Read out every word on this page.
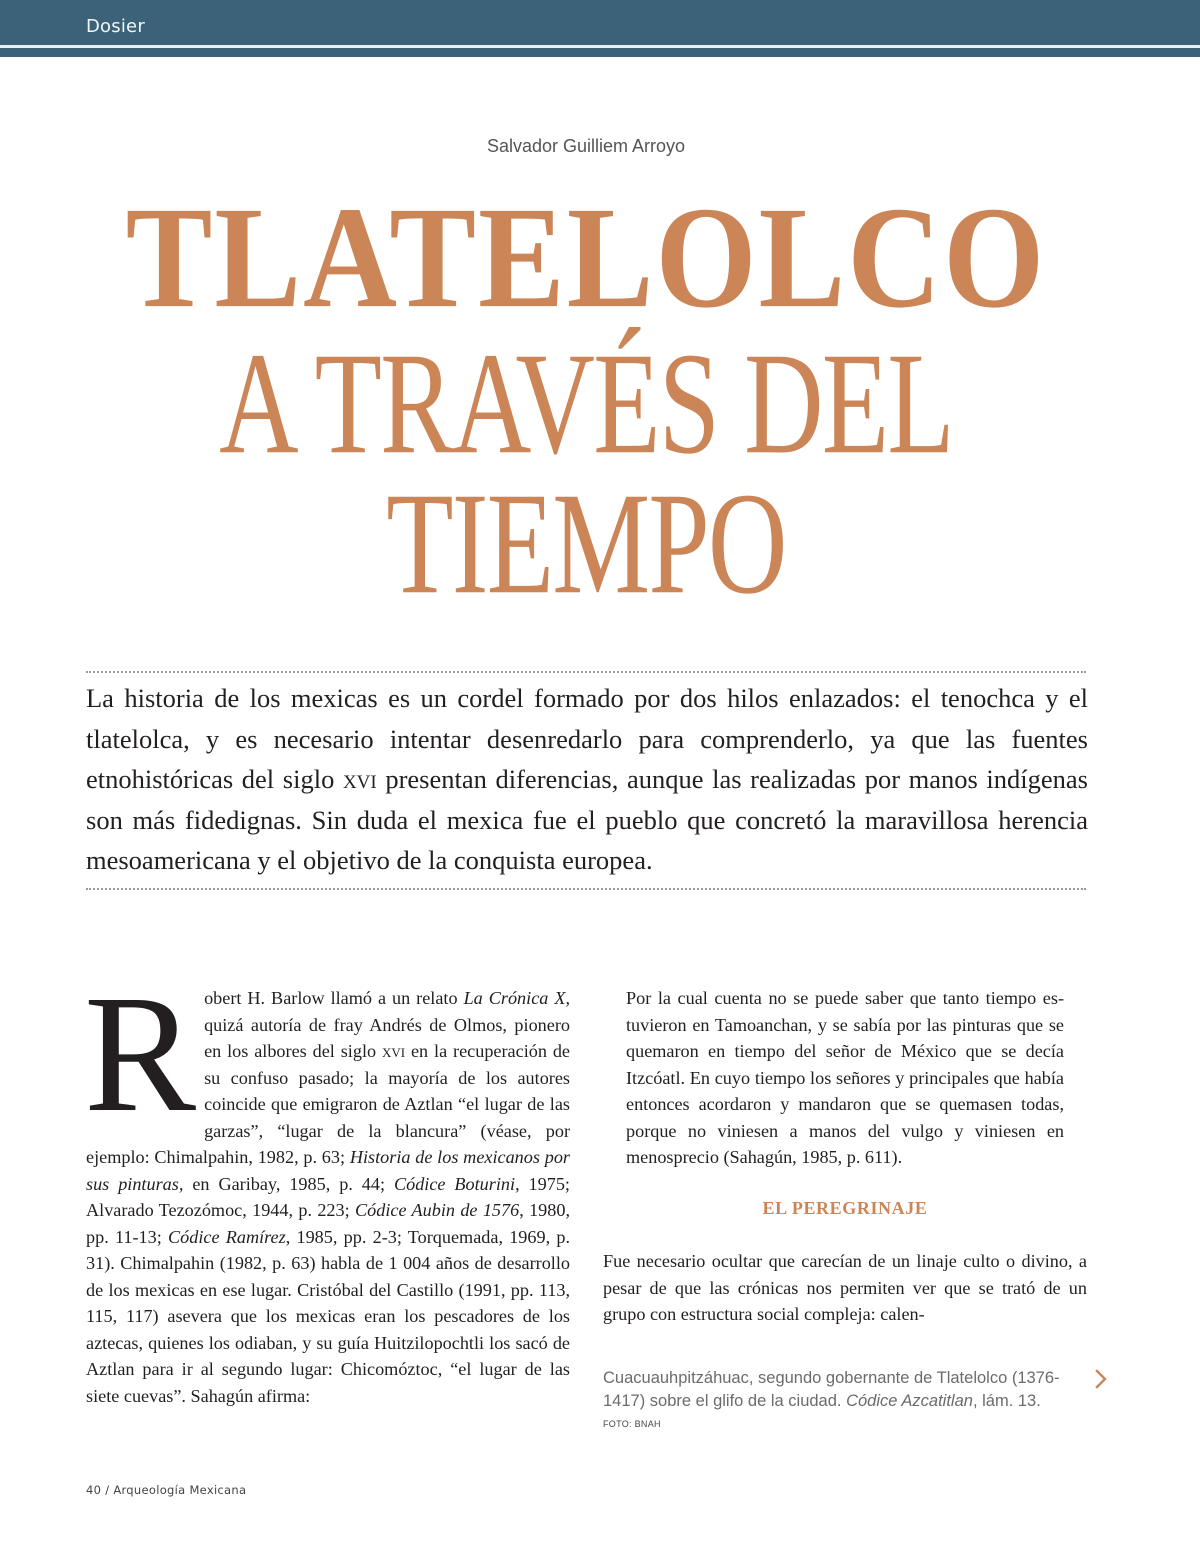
Dosier
Salvador Guilliem Arroyo
TLATELOLCO
A TRAVÉS DEL
TIEMPO

La historia de los mexicas es un cordel formado por dos hilos enlazados: el tenochca y el tlatelolca, y es necesario intentar desenredarlo para comprenderlo, ya que las fuentes etnohistóricas del siglo xvi presentan diferencias, aunque las realizadas por manos indígenas son más fidedignas. Sin duda el mexica fue el pueblo que concretó la maravillosa herencia mesoamericana y el objetivo de la conquista europea.

Robert H. Barlow llamó a un relato La Crónica X, quizá autoría de fray Andrés de Olmos, pionero en los albores del siglo xvi en la recuperación de su confuso pasado; la mayoría de los autores coincide que emigraron de Aztlan “el lugar de las garzas”, “lugar de la blancura” (véase, por ejemplo: Chimalpahin, 1982, p. 63; Historia de los mexicanos por sus pinturas, en Garibay, 1985, p. 44; Códice Boturini, 1975; Alvarado Tezozómoc, 1944, p. 223; Códice Aubin de 1576, 1980, pp. 11-13; Códice Ramírez, 1985, pp. 2-3; Torquemada, 1969, p. 31). Chimalpahin (1982, p. 63) habla de 1 004 años de desarrollo de los mexicas en ese lugar. Cristóbal del Castillo (1991, pp. 113, 115, 117) asevera que los mexicas eran los pescadores de los aztecas, quienes los odiaban, y su guía Huitzilopochtli los sacó de Aztlan para ir al segundo lugar: Chicomóztoc, “el lugar de las siete cuevas”. Sahagún afirma:

Por la cual cuenta no se puede saber que tanto tiempo estuvieron en Tamoanchan, y se sabía por las pinturas que se quemaron en tiempo del señor de México que se decía Itzcóatl. En cuyo tiempo los señores y principales que había entonces acordaron y mandaron que se quemasen todas, porque no viniesen a manos del vulgo y viniesen en menosprecio (Sahagún, 1985, p. 611).

EL PEREGRINAJE

Fue necesario ocultar que carecían de un linaje culto o divino, a pesar de que las crónicas nos permiten ver que se trató de un grupo con estructura social compleja: calen-

Cuacuauhpitzáhuac, segundo gobernante de Tlatelolco (1376-1417) sobre el glifo de la ciudad. Códice Azcatitlan, lám. 13.

FOTO: BNAH
40 / Arqueología Mexicana
